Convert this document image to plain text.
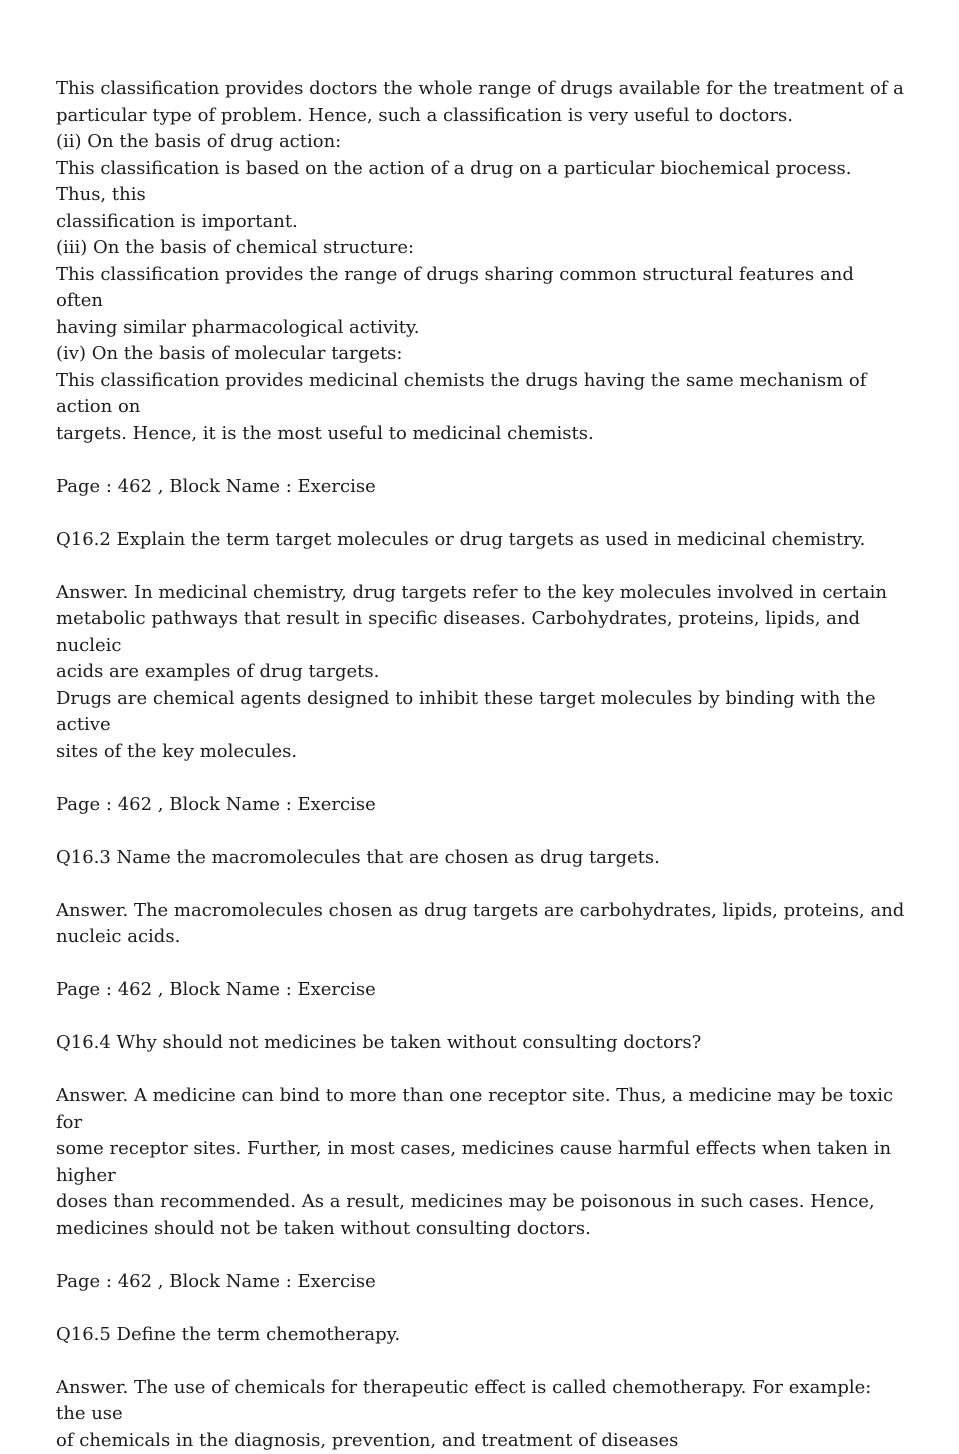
This classification provides doctors the whole range of drugs available for the treatment of a
particular type of problem. Hence, such a classification is very useful to doctors.
(ii) On the basis of drug action:
This classification is based on the action of a drug on a particular biochemical process. Thus, this
classification is important.
(iii) On the basis of chemical structure:
This classification provides the range of drugs sharing common structural features and often
having similar pharmacological activity.
(iv) On the basis of molecular targets:
This classification provides medicinal chemists the drugs having the same mechanism of action on
targets. Hence, it is the most useful to medicinal chemists.
Page : 462 , Block Name : Exercise
Q16.2 Explain the term target molecules or drug targets as used in medicinal chemistry.
Answer. In medicinal chemistry, drug targets refer to the key molecules involved in certain
metabolic pathways that result in specific diseases. Carbohydrates, proteins, lipids, and nucleic
acids are examples of drug targets.
Drugs are chemical agents designed to inhibit these target molecules by binding with the active
sites of the key molecules.
Page : 462 , Block Name : Exercise
Q16.3 Name the macromolecules that are chosen as drug targets.
Answer. The macromolecules chosen as drug targets are carbohydrates, lipids, proteins, and
nucleic acids.
Page : 462 , Block Name : Exercise
Q16.4 Why should not medicines be taken without consulting doctors?
Answer. A medicine can bind to more than one receptor site. Thus, a medicine may be toxic for
some receptor sites. Further, in most cases, medicines cause harmful effects when taken in higher
doses than recommended. As a result, medicines may be poisonous in such cases. Hence,
medicines should not be taken without consulting doctors.
Page : 462 , Block Name : Exercise
Q16.5 Define the term chemotherapy.
Answer. The use of chemicals for therapeutic effect is called chemotherapy. For example: the use
of chemicals in the diagnosis, prevention, and treatment of diseases
